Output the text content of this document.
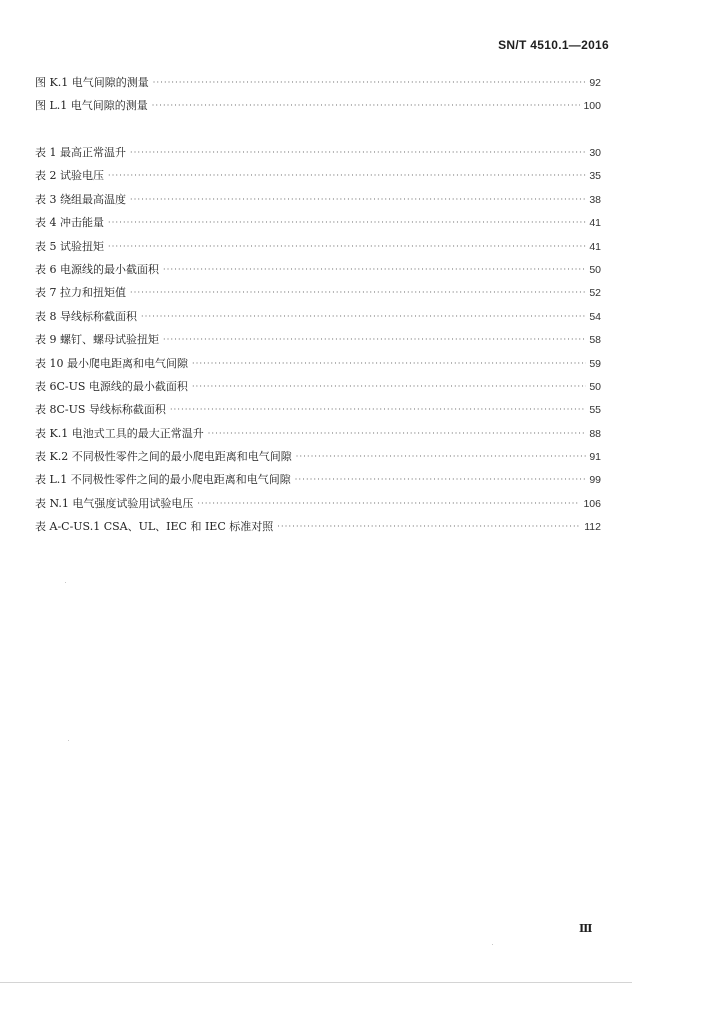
SN/T 4510.1—2016
图 K.1 电气间隙的测量 ·····	92
图 L.1 电气间隙的测量 ·····	100
表 1 最高正常温升 ·····	30
表 2 试验电压 ·····	35
表 3 绕组最高温度 ·····	38
表 4 冲击能量 ·····	41
表 5 试验扭矩 ·····	41
表 6 电源线的最小截面积 ·····	50
表 7 拉力和扭矩值 ·····	52
表 8 导线标称截面积 ·····	54
表 9 螺钉、螺母试验扭矩 ·····	58
表 10 最小爬电距离和电气间隙 ·····	59
表 6C-US 电源线的最小截面积 ·····	50
表 8C-US 导线标称截面积 ·····	55
表 K.1 电池式工具的最大正常温升 ·····	88
表 K.2 不同极性零件之间的最小爬电距离和电气间隙 ·····	91
表 L.1 不同极性零件之间的最小爬电距离和电气间隙 ·····	99
表 N.1 电气强度试验用试验电压 ·····	106
表 A-C-US.1 CSA、UL、IEC 和 IEC 标准对照 ·····	112
Ⅲ
